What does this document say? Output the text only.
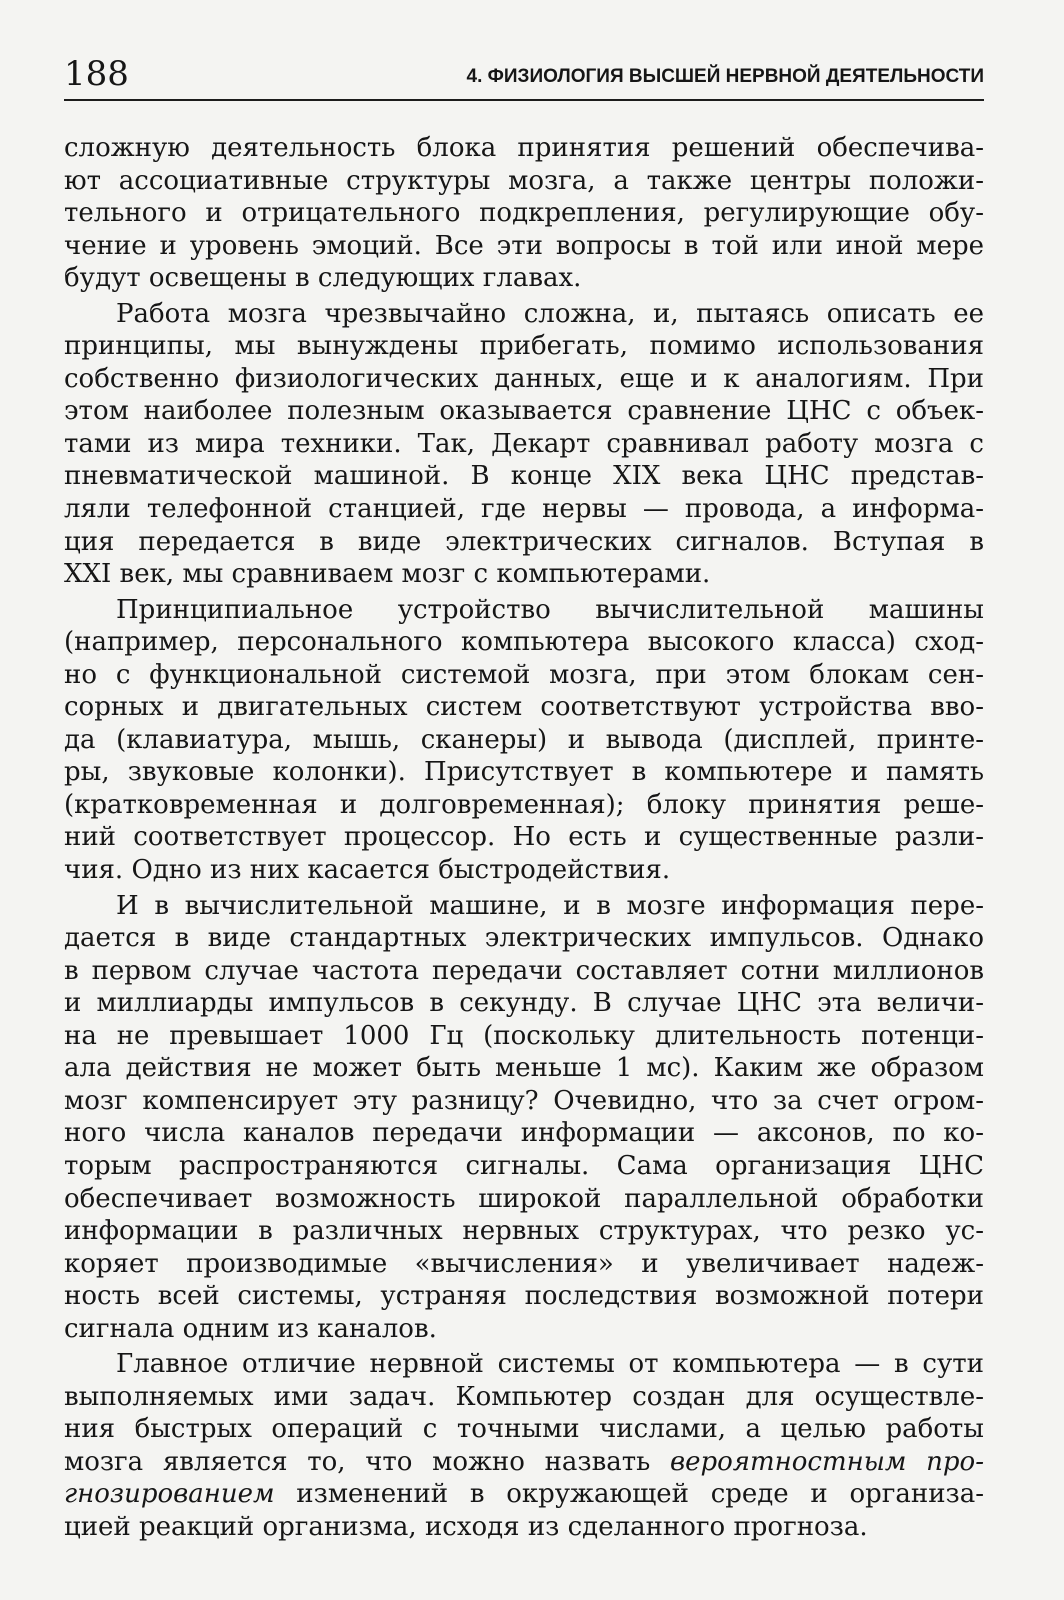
188	4. ФИЗИОЛОГИЯ ВЫСШЕЙ НЕРВНОЙ ДЕЯТЕЛЬНОСТИ
сложную деятельность блока принятия решений обеспечива-
ют ассоциативные структуры мозга, а также центры положи-
тельного и отрицательного подкрепления, регулирующие обу-
чение и уровень эмоций. Все эти вопросы в той или иной мере
будут освещены в следующих главах.
Работа мозга чрезвычайно сложна, и, пытаясь описать ее
принципы, мы вынуждены прибегать, помимо использования
собственно физиологических данных, еще и к аналогиям. При
этом наиболее полезным оказывается сравнение ЦНС с объек-
тами из мира техники. Так, Декарт сравнивал работу мозга с
пневматической машиной. В конце XIX века ЦНС представ-
ляли телефонной станцией, где нервы — провода, а информа-
ция передается в виде электрических сигналов. Вступая в
XXI век, мы сравниваем мозг с компьютерами.
Принципиальное устройство вычислительной машины
(например, персонального компьютера высокого класса) сход-
но с функциональной системой мозга, при этом блокам сен-
сорных и двигательных систем соответствуют устройства вво-
да (клавиатура, мышь, сканеры) и вывода (дисплей, принте-
ры, звуковые колонки). Присутствует в компьютере и память
(кратковременная и долговременная); блоку принятия реше-
ний соответствует процессор. Но есть и существенные разли-
чия. Одно из них касается быстродействия.
И в вычислительной машине, и в мозге информация пере-
дается в виде стандартных электрических импульсов. Однако
в первом случае частота передачи составляет сотни миллионов
и миллиарды импульсов в секунду. В случае ЦНС эта величи-
на не превышает 1000 Гц (поскольку длительность потенци-
ала действия не может быть меньше 1 мс). Каким же образом
мозг компенсирует эту разницу? Очевидно, что за счет огром-
ного числа каналов передачи информации — аксонов, по ко-
торым распространяются сигналы. Сама организация ЦНС
обеспечивает возможность широкой параллельной обработки
информации в различных нервных структурах, что резко ус-
коряет производимые «вычисления» и увеличивает надеж-
ность всей системы, устраняя последствия возможной потери
сигнала одним из каналов.
Главное отличие нервной системы от компьютера — в сути
выполняемых ими задач. Компьютер создан для осуществле-
ния быстрых операций с точными числами, а целью работы
мозга является то, что можно назвать вероятностным про-
гнозированием изменений в окружающей среде и организа-
цией реакций организма, исходя из сделанного прогноза.
